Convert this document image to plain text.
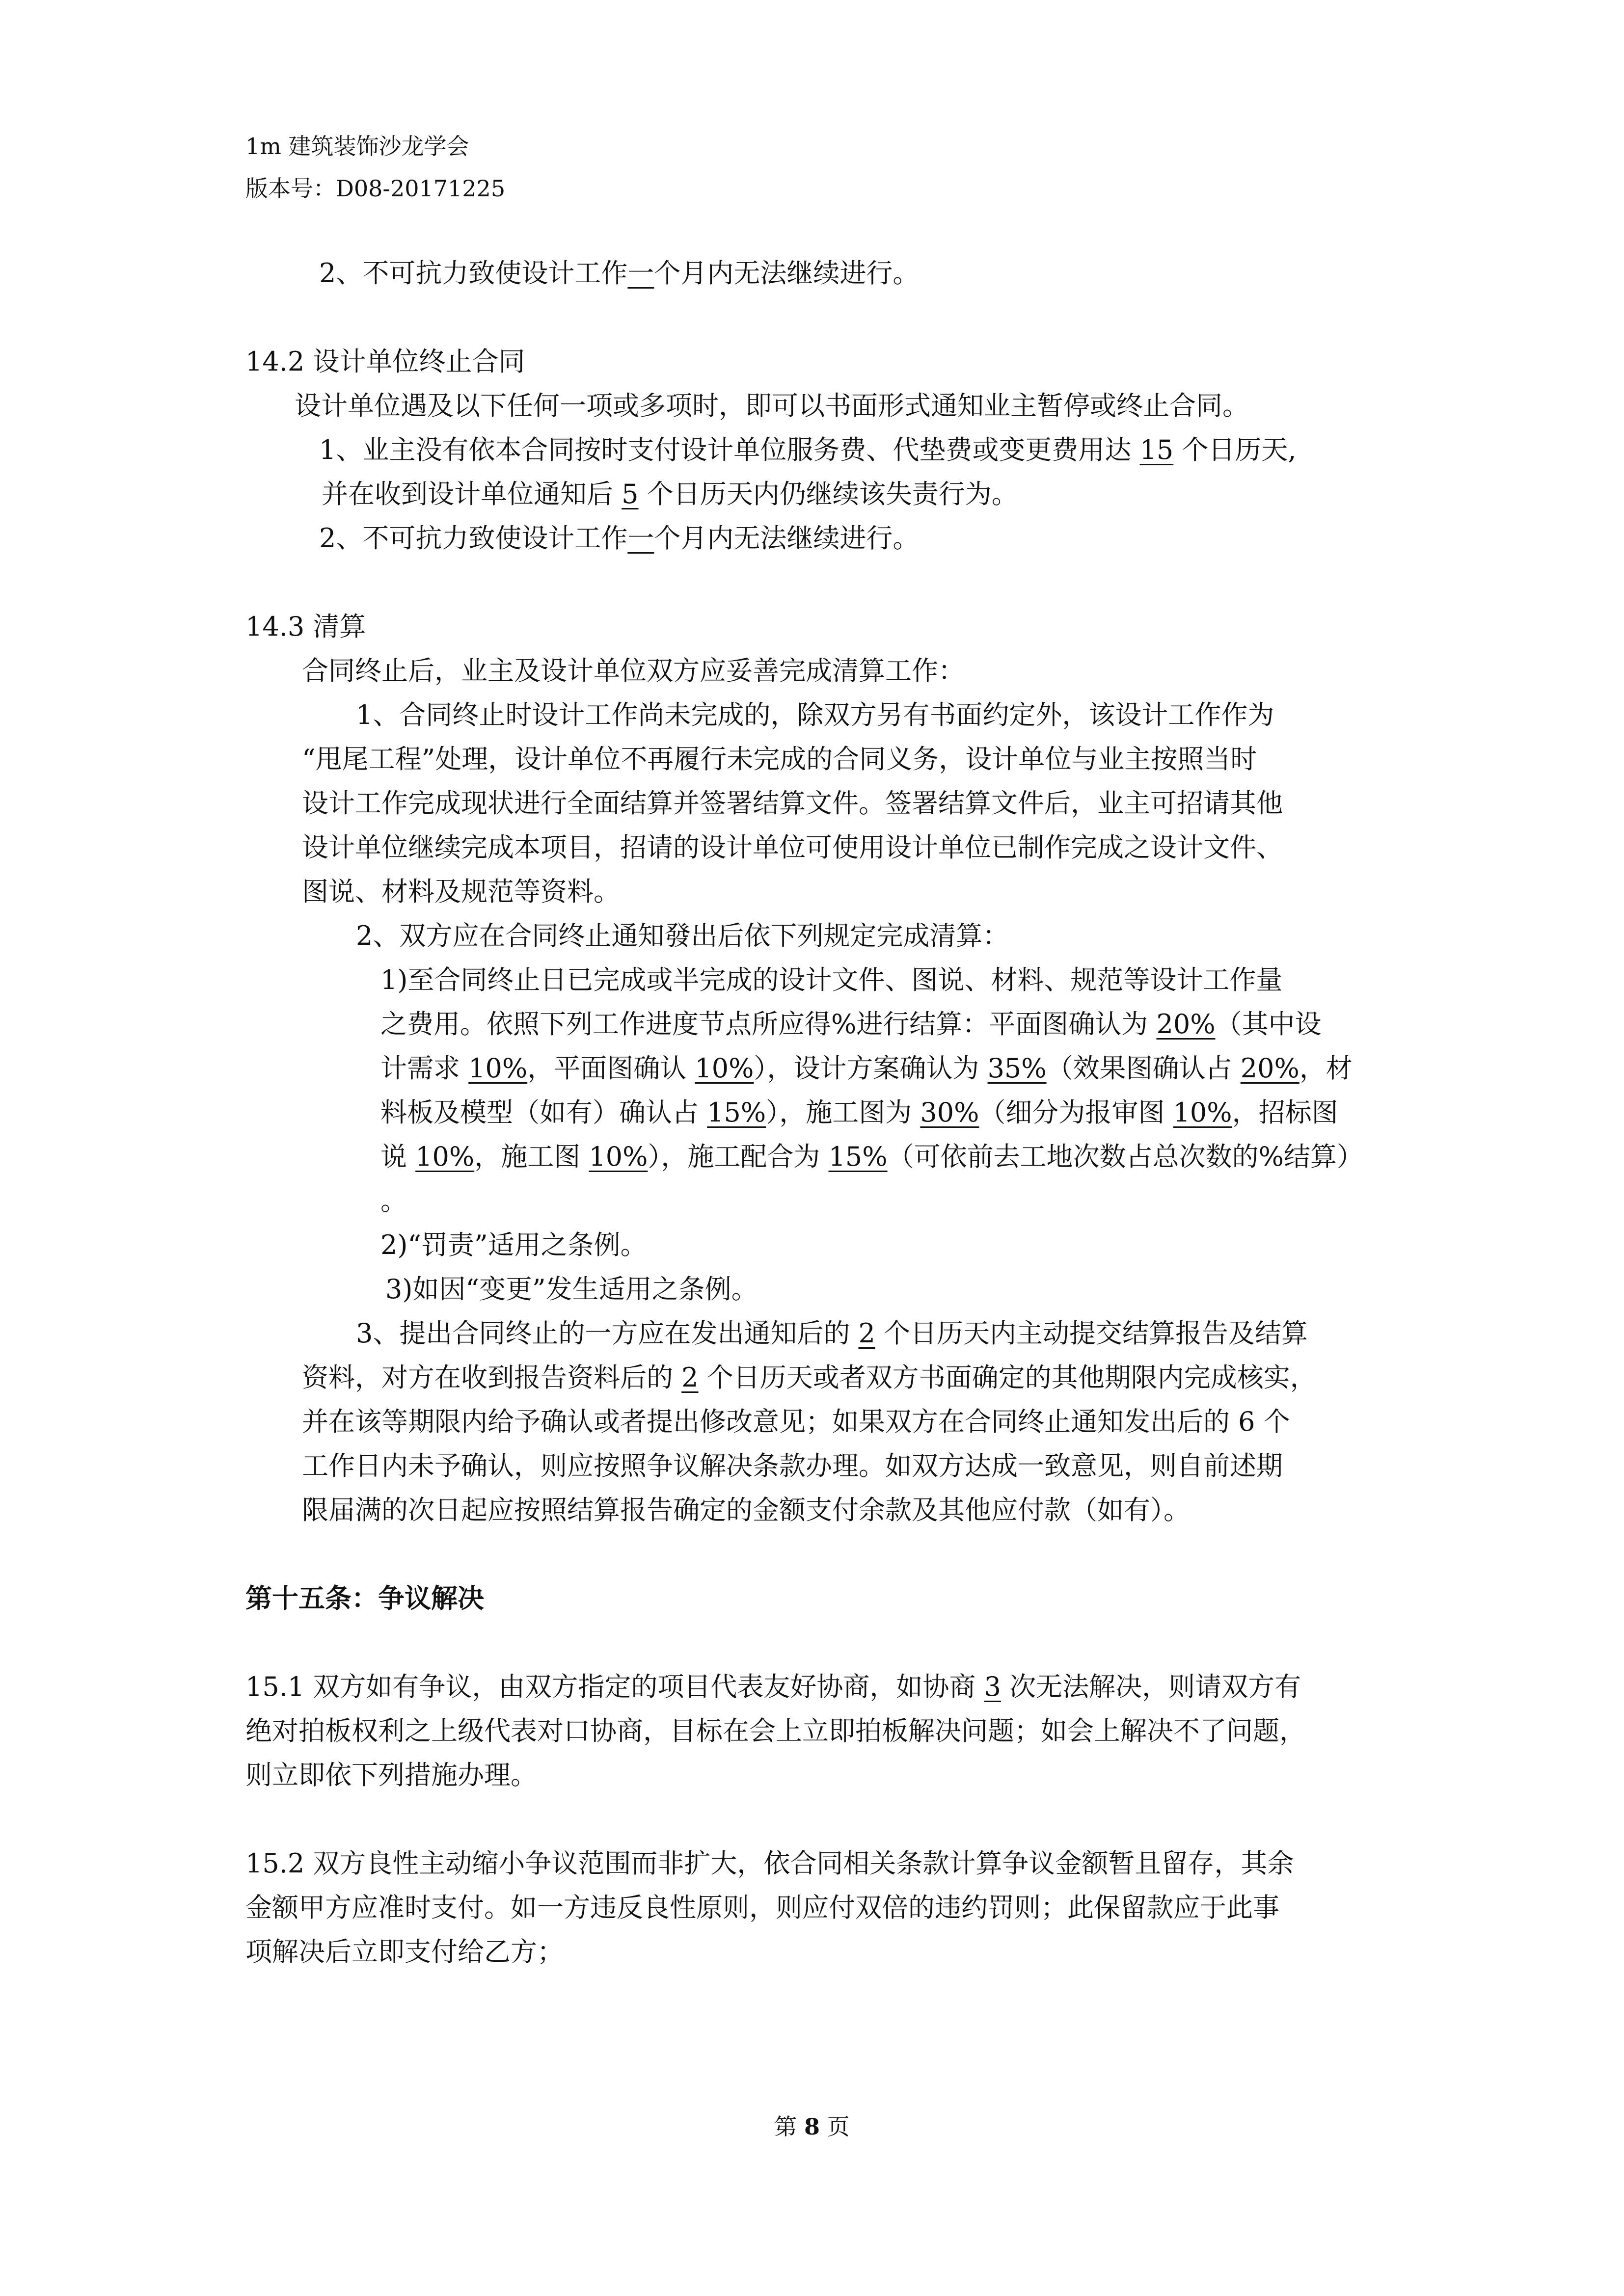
1m 建筑装饰沙龙学会
版本号：D08-20171225
2、不可抗力致使设计工作一个月内无法继续进行。
14.2 设计单位终止合同
设计单位遇及以下任何一项或多项时，即可以书面形式通知业主暂停或终止合同。
1、业主没有依本合同按时支付设计单位服务费、代垫费或变更费用达 15 个日历天,
并在收到设计单位通知后 5 个日历天内仍继续该失责行为。
2、不可抗力致使设计工作一个月内无法继续进行。
14.3 清算
合同终止后，业主及设计单位双方应妥善完成清算工作：
1、合同终止时设计工作尚未完成的，除双方另有书面约定外，该设计工作作为
“甩尾工程”处理，设计单位不再履行未完成的合同义务，设计单位与业主按照当时
设计工作完成现状进行全面结算并签署结算文件。签署结算文件后，业主可招请其他
设计单位继续完成本项目，招请的设计单位可使用设计单位已制作完成之设计文件、
图说、材料及规范等资料。
2、双方应在合同终止通知發出后依下列规定完成清算：
1)至合同终止日已完成或半完成的设计文件、图说、材料、规范等设计工作量
之费用。依照下列工作进度节点所应得%进行结算：平面图确认为 20%（其中设
计需求 10%，平面图确认 10%），设计方案确认为 35%（效果图确认占 20%，材
料板及模型（如有）确认占 15%），施工图为 30%（细分为报审图 10%，招标图
说 10%，施工图 10%），施工配合为 15%（可依前去工地次数占总次数的%结算）
。
2)“罚责”适用之条例。
3)如因“变更”发生适用之条例。
3、提出合同终止的一方应在发出通知后的 2 个日历天内主动提交结算报告及结算
资料，对方在收到报告资料后的 2 个日历天或者双方书面确定的其他期限内完成核实，
并在该等期限内给予确认或者提出修改意见；如果双方在合同终止通知发出后的 6 个
工作日内未予确认，则应按照争议解决条款办理。如双方达成一致意见，则自前述期
限届满的次日起应按照结算报告确定的金额支付余款及其他应付款（如有）。
第十五条：争议解决
15.1 双方如有争议，由双方指定的项目代表友好协商，如协商 3 次无法解决，则请双方有
绝对拍板权利之上级代表对口协商，目标在会上立即拍板解决问题；如会上解决不了问题，
则立即依下列措施办理。
15.2 双方良性主动缩小争议范围而非扩大，依合同相关条款计算争议金额暂且留存，其余
金额甲方应准时支付。如一方违反良性原则，则应付双倍的违约罚则；此保留款应于此事
项解决后立即支付给乙方；
第 8 页
